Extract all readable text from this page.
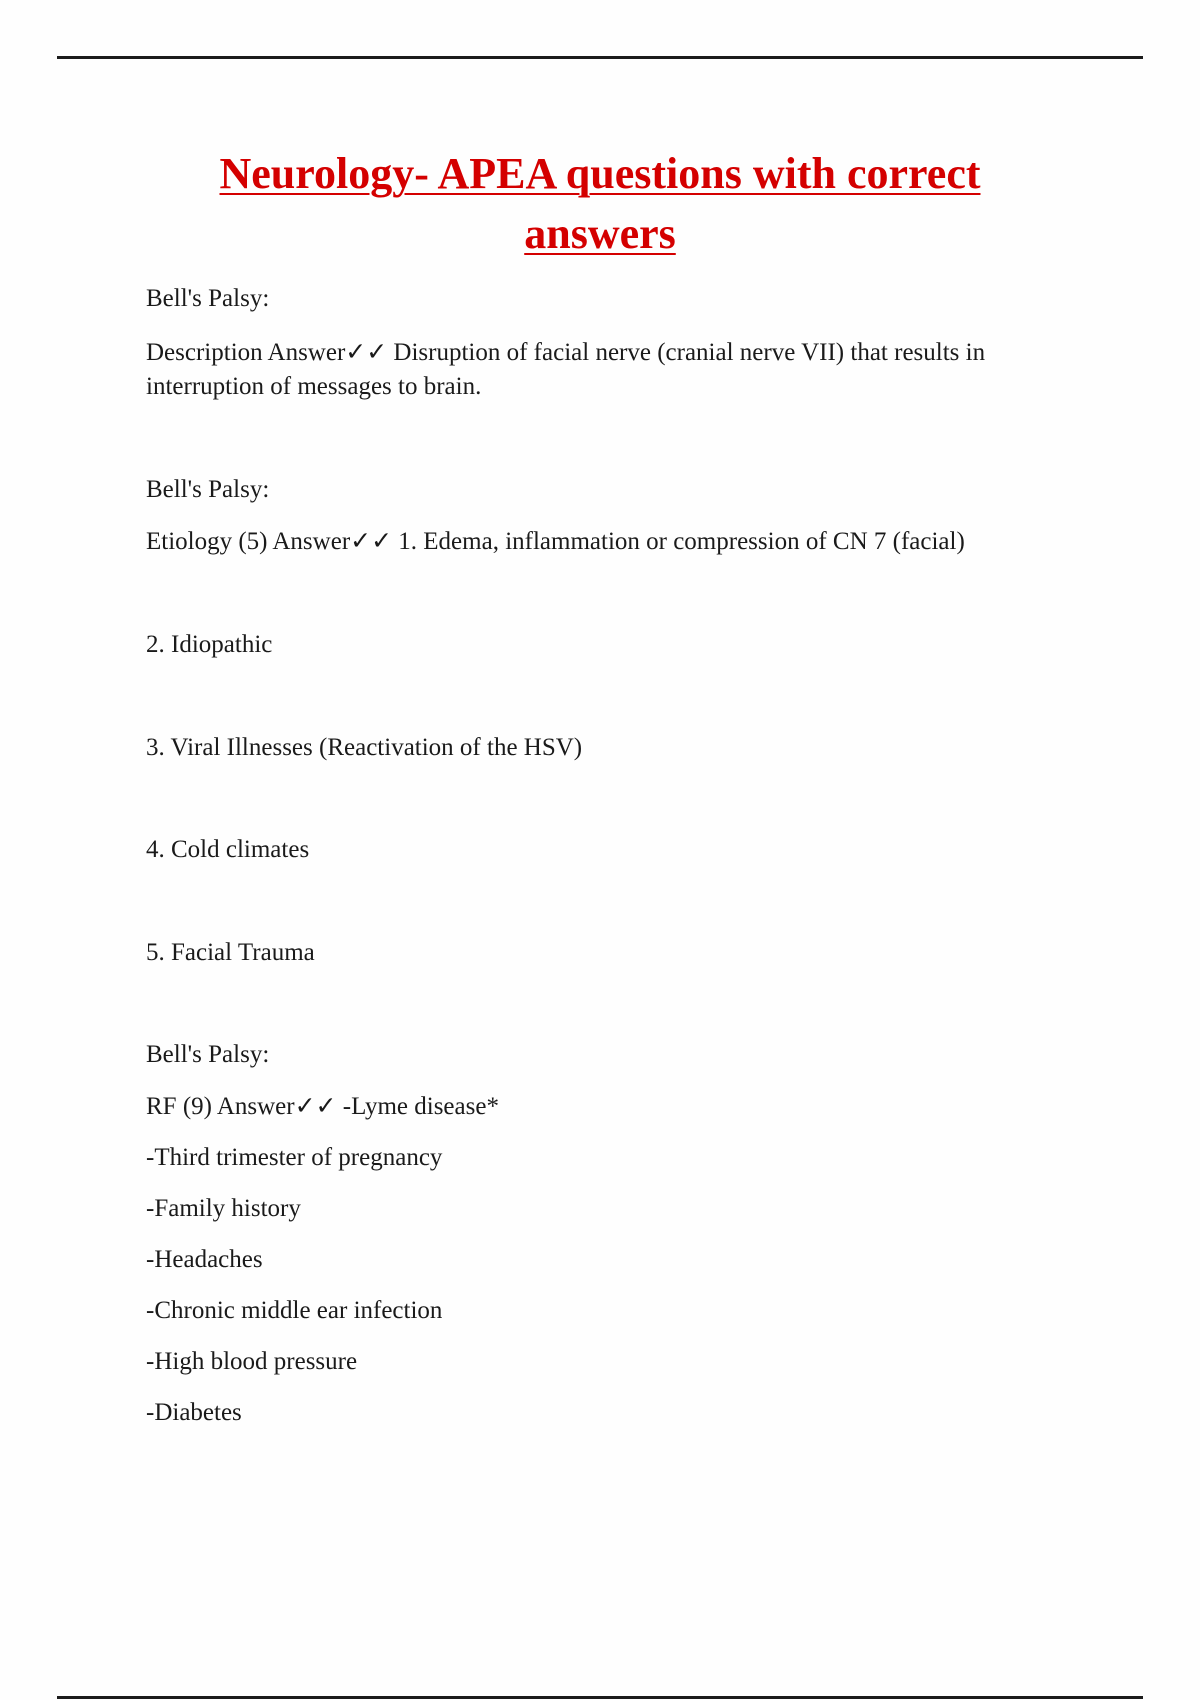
Neurology- APEA questions with correct
answers

Bell's Palsy:

Description Answer✓✓ Disruption of facial nerve (cranial nerve VII) that results in interruption of messages to brain.

Bell's Palsy:

Etiology (5) Answer✓✓ 1. Edema, inflammation or compression of CN 7 (facial)

2. Idiopathic

3. Viral Illnesses (Reactivation of the HSV)

4. Cold climates

5. Facial Trauma

Bell's Palsy:

RF (9) Answer✓✓ -Lyme disease*

-Third trimester of pregnancy

-Family history

-Headaches

-Chronic middle ear infection

-High blood pressure

-Diabetes
